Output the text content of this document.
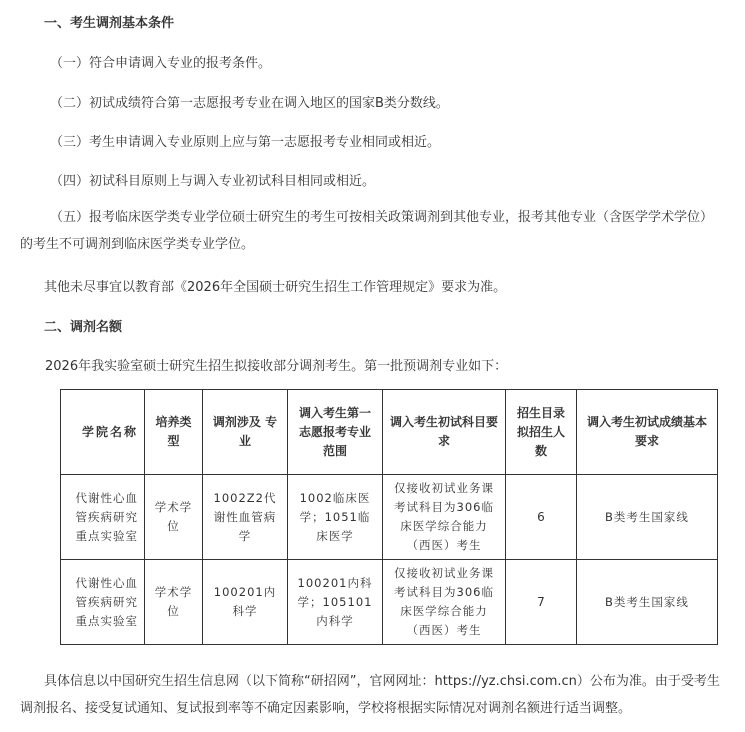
一、考生调剂基本条件
（一）符合申请调入专业的报考条件。
（二）初试成绩符合第一志愿报考专业在调入地区的国家B类分数线。
（三）考生申请调入专业原则上应与第一志愿报考专业相同或相近。
（四）初试科目原则上与调入专业初试科目相同或相近。
（五）报考临床医学类专业学位硕士研究生的考生可按相关政策调剂到其他专业，报考其他专业（含医学学术学位）的考生不可调剂到临床医学类专业学位。
其他未尽事宜以教育部《2026年全国硕士研究生招生工作管理规定》要求为准。
二、调剂名额
2026年我实验室硕士研究生招生拟接收部分调剂考生。第一批预调剂专业如下：
学院名称	培养类型	调剂涉及 专业	调入考生第一志愿报考专业范围	调入考生初试科目要求	招生目录拟招生人数	调入考生初试成绩基本要求
代谢性心血管疾病研究重点实验室	学术学位	1002Z2代谢性血管病学	1002临床医学；1051临床医学	仅接收初试业务课考试科目为306临床医学综合能力（西医）考生	6	B类考生国家线
代谢性心血管疾病研究重点实验室	学术学位	100201内科学	100201内科学；105101内科学	仅接收初试业务课考试科目为306临床医学综合能力（西医）考生	7	B类考生国家线
具体信息以中国研究生招生信息网（以下简称“研招网”，官网网址：https://yz.chsi.com.cn）公布为准。由于受考生调剂报名、接受复试通知、复试报到率等不确定因素影响，学校将根据实际情况对调剂名额进行适当调整。
